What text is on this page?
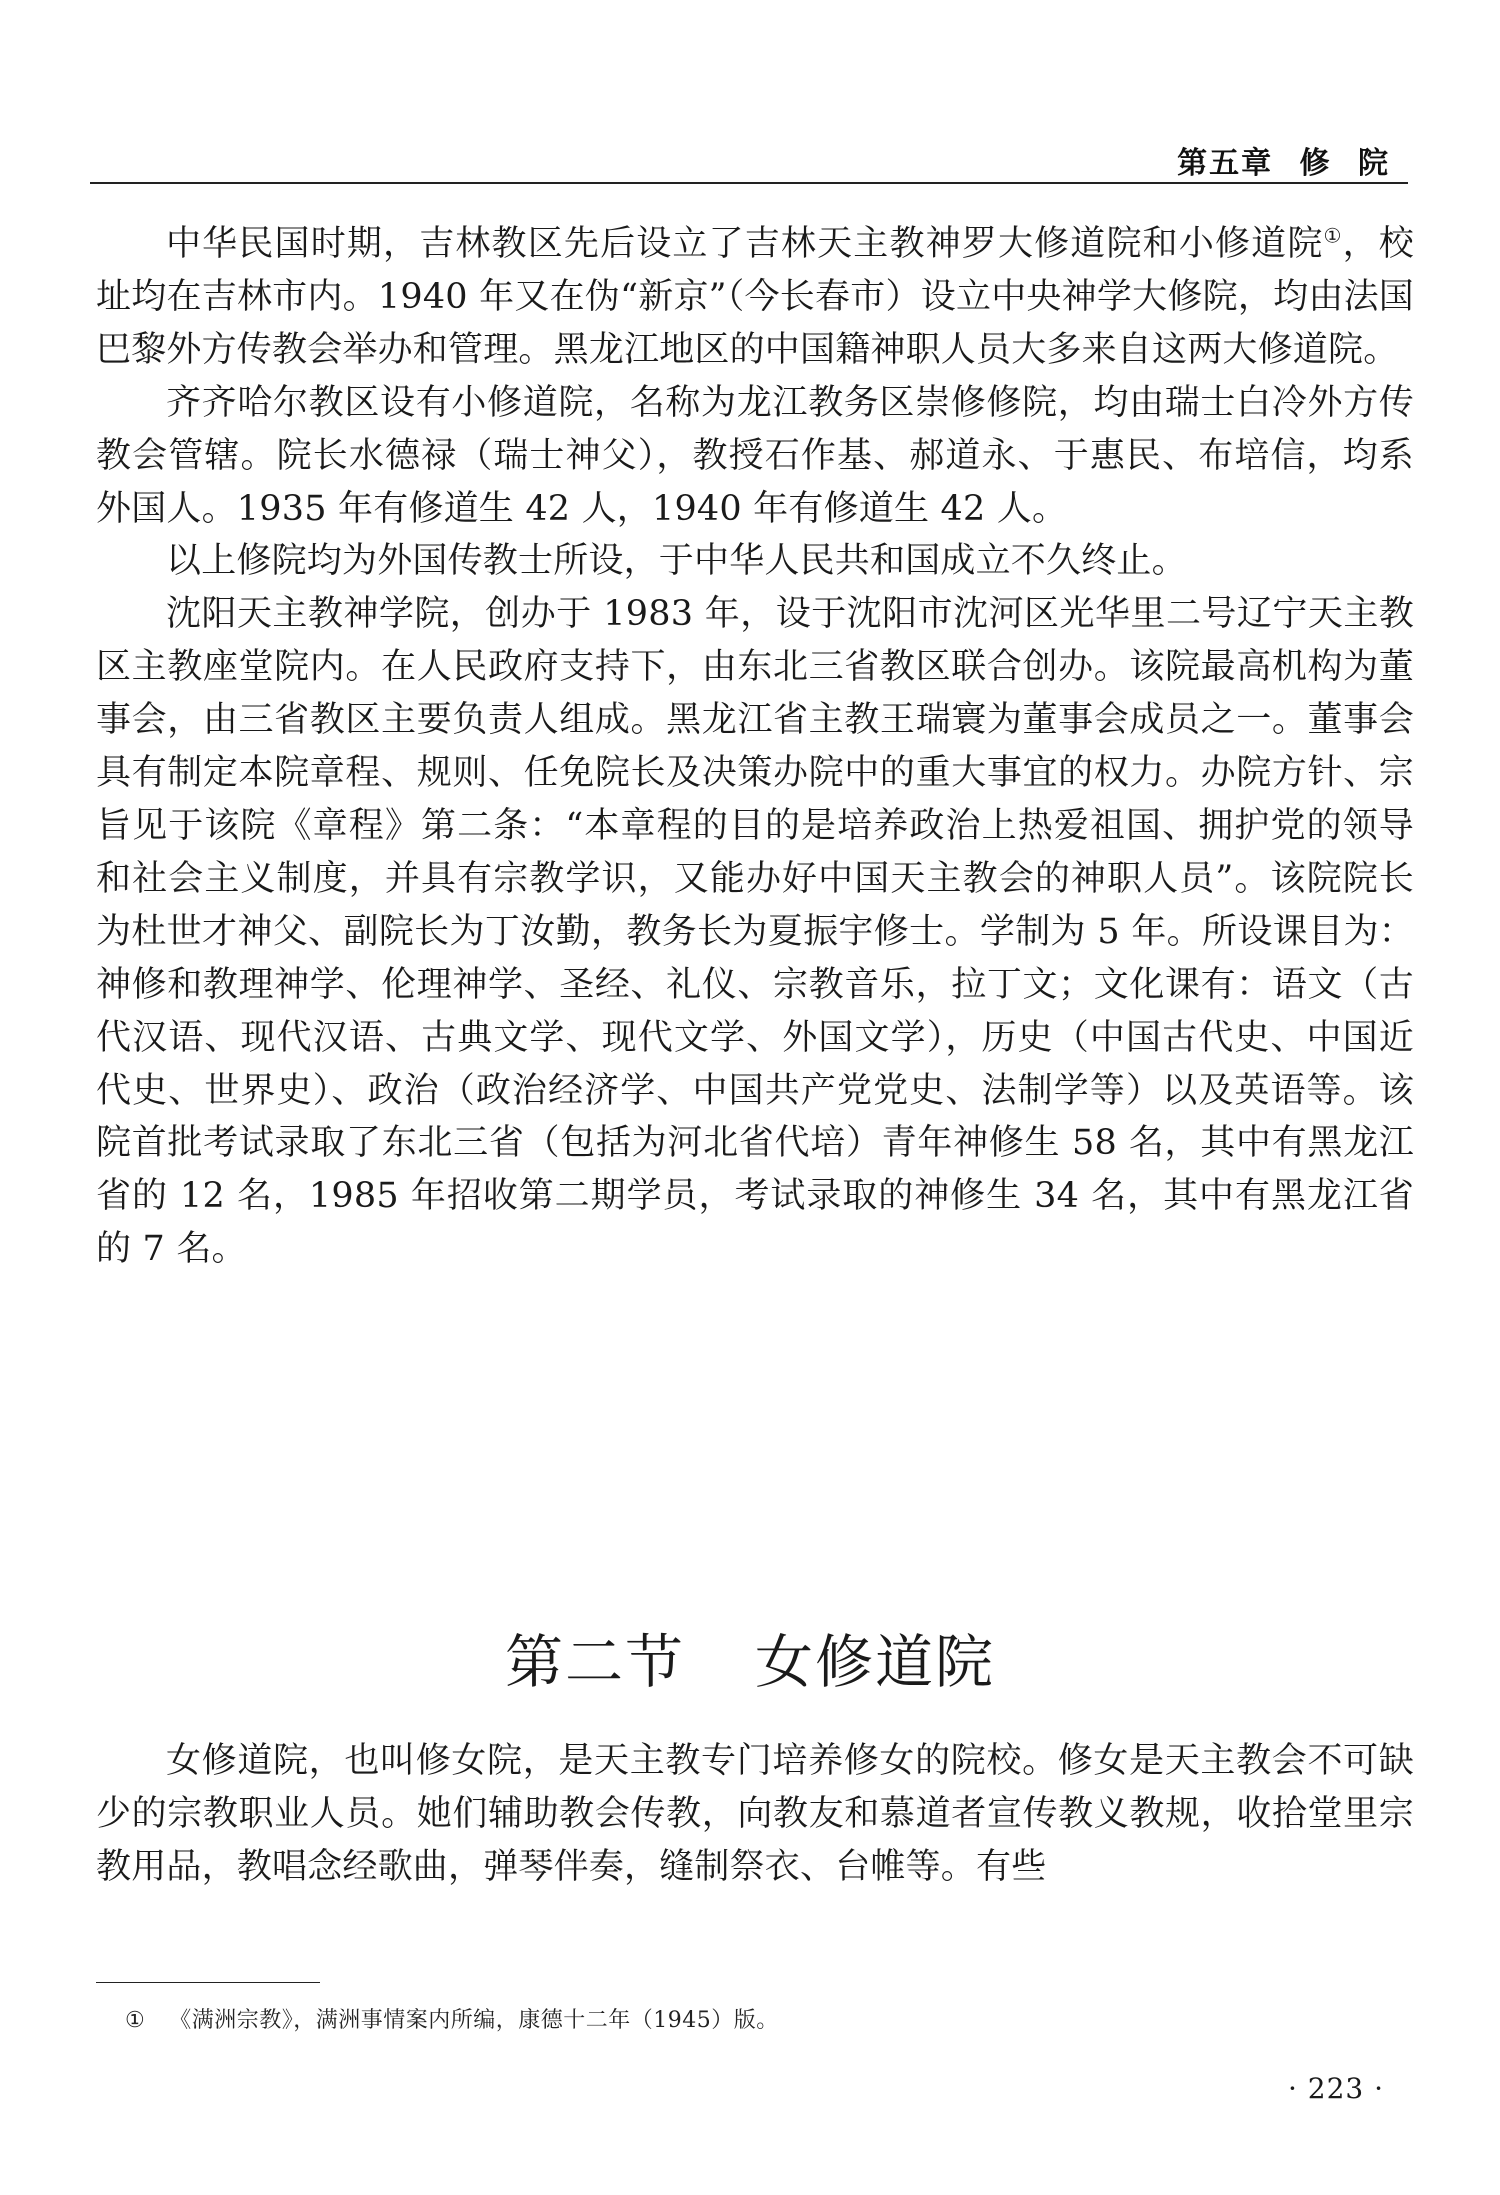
第五章 修 院

中华民国时期，吉林教区先后设立了吉林天主教神罗大修道院和小修道院①，校址均在吉林市内。1940 年又在伪“新京”（今长春市）设立中央神学大修院，均由法国巴黎外方传教会举办和管理。黑龙江地区的中国籍神职人员大多来自这两大修道院。

齐齐哈尔教区设有小修道院，名称为龙江教务区崇修修院，均由瑞士白冷外方传教会管辖。院长水德禄（瑞士神父），教授石作基、郝道永、于惠民、布培信，均系外国人。1935 年有修道生 42 人，1940 年有修道生 42 人。

以上修院均为外国传教士所设，于中华人民共和国成立不久终止。

沈阳天主教神学院，创办于 1983 年，设于沈阳市沈河区光华里二号辽宁天主教区主教座堂院内。在人民政府支持下，由东北三省教区联合创办。该院最高机构为董事会，由三省教区主要负责人组成。黑龙江省主教王瑞寰为董事会成员之一。董事会具有制定本院章程、规则、任免院长及决策办院中的重大事宜的权力。办院方针、宗旨见于该院《章程》第二条：“本章程的目的是培养政治上热爱祖国、拥护党的领导和社会主义制度，并具有宗教学识，又能办好中国天主教会的神职人员”。该院院长为杜世才神父、副院长为丁汝勤，教务长为夏振宇修士。学制为 5 年。所设课目为：神修和教理神学、伦理神学、圣经、礼仪、宗教音乐，拉丁文；文化课有：语文（古代汉语、现代汉语、古典文学、现代文学、外国文学），历史（中国古代史、中国近代史、世界史）、政治（政治经济学、中国共产党党史、法制学等）以及英语等。该院首批考试录取了东北三省（包括为河北省代培）青年神修生 58 名，其中有黑龙江省的 12 名，1985 年招收第二期学员，考试录取的神修生 34 名，其中有黑龙江省的 7 名。

第二节 女修道院

女修道院，也叫修女院，是天主教专门培养修女的院校。修女是天主教会不可缺少的宗教职业人员。她们辅助教会传教，向教友和慕道者宣传教义教规，收拾堂里宗教用品，教唱念经歌曲，弹琴伴奏，缝制祭衣、台帷等。有些

① 《满洲宗教》，满洲事情案内所编，康德十二年（1945）版。
· 223 ·
